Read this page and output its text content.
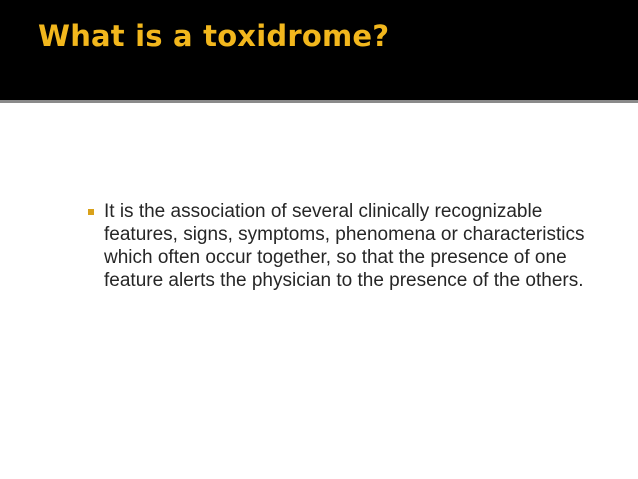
What is a toxidrome?
It is the association of several clinically recognizable features, signs, symptoms, phenomena or characteristics which often occur together, so that the presence of one feature alerts the physician to the presence of the others.
